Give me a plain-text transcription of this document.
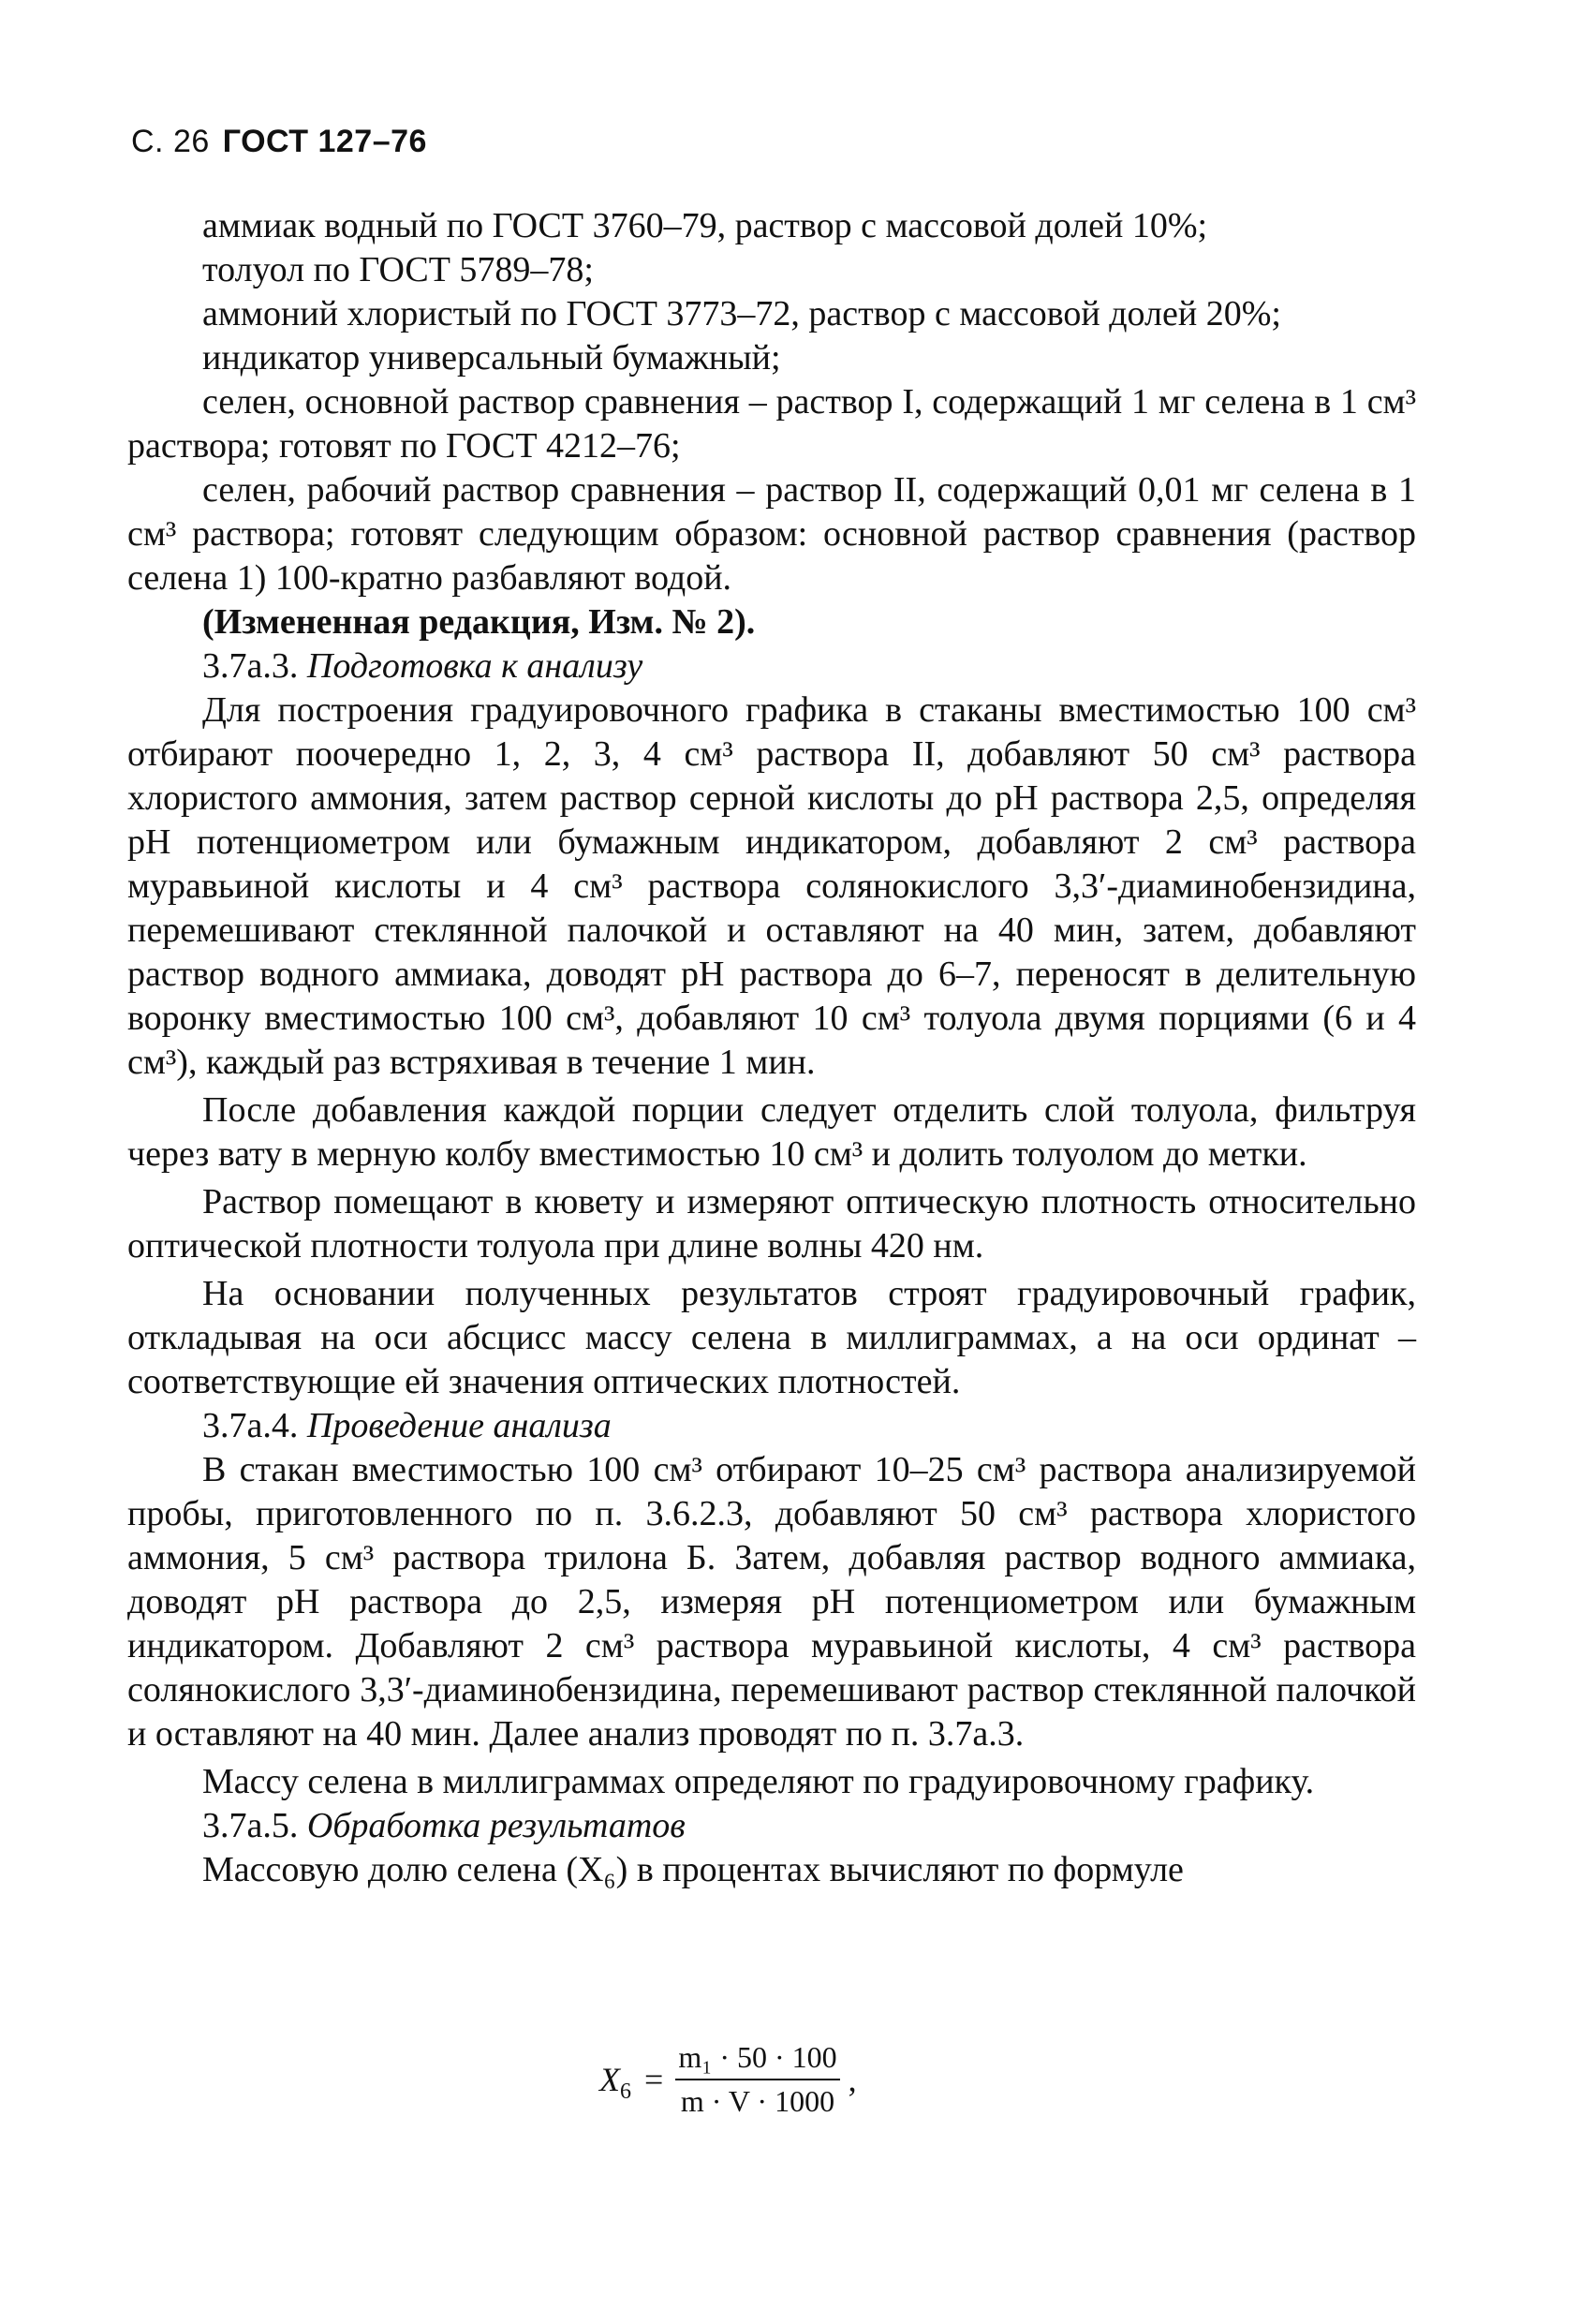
С. 26 ГОСТ 127–76

аммиак водный по ГОСТ 3760–79, раствор с массовой долей 10%;

толуол по ГОСТ 5789–78;

аммоний хлористый по ГОСТ 3773–72, раствор с массовой долей 20%;

индикатор универсальный бумажный;

селен, основной раствор сравнения – раствор I, содержащий 1 мг селена в 1 см³ раствора; готовят по ГОСТ 4212–76;

селен, рабочий раствор сравнения – раствор II, содержащий 0,01 мг селена в 1 см³ раствора; готовят следующим образом: основной раствор сравнения (раствор селена 1) 100-кратно разбавляют водой.

(Измененная редакция, Изм. № 2).

3.7а.3. Подготовка к анализу

Для построения градуировочного графика в стаканы вместимостью 100 см³ отбирают поочередно 1, 2, 3, 4 см³ раствора II, добавляют 50 см³ раствора хлористого аммония, затем раствор серной кислоты до pH раствора 2,5, определяя pH потенциометром или бумажным индикатором, добавляют 2 см³ раствора муравьиной кислоты и 4 см³ раствора солянокислого 3,3′-диаминобензидина, перемешивают стеклянной палочкой и оставляют на 40 мин, затем, добавляют раствор водного аммиака, доводят pH раствора до 6–7, переносят в делительную воронку вместимостью 100 см³, добавляют 10 см³ толуола двумя порциями (6 и 4 см³), каждый раз встряхивая в течение 1 мин.

После добавления каждой порции следует отделить слой толуола, фильтруя через вату в мерную колбу вместимостью 10 см³ и долить толуолом до метки.

Раствор помещают в кювету и измеряют оптическую плотность относительно оптической плотности толуола при длине волны 420 нм.

На основании полученных результатов строят градуировочный график, откладывая на оси абсцисс массу селена в миллиграммах, а на оси ординат – соответствующие ей значения оптических плотностей.

3.7а.4. Проведение анализа

В стакан вместимостью 100 см³ отбирают 10–25 см³ раствора анализируемой пробы, приготовленного по п. 3.6.2.3, добавляют 50 см³ раствора хлористого аммония, 5 см³ раствора трилона Б. Затем, добавляя раствор водного аммиака, доводят pH раствора до 2,5, измеряя pH потенциометром или бумажным индикатором. Добавляют 2 см³ раствора муравьиной кислоты, 4 см³ раствора солянокислого 3,3′-диаминобензидина, перемешивают раствор стеклянной палочкой и оставляют на 40 мин. Далее анализ проводят по п. 3.7а.3.

Массу селена в миллиграммах определяют по градуировочному графику.

3.7а.5. Обработка результатов

Массовую долю селена (X₆) в процентах вычисляют по формуле

$X_6 = \frac{\text{m₁ · 50 · 100}}{m \cdot V \cdot 1000}$ ,
